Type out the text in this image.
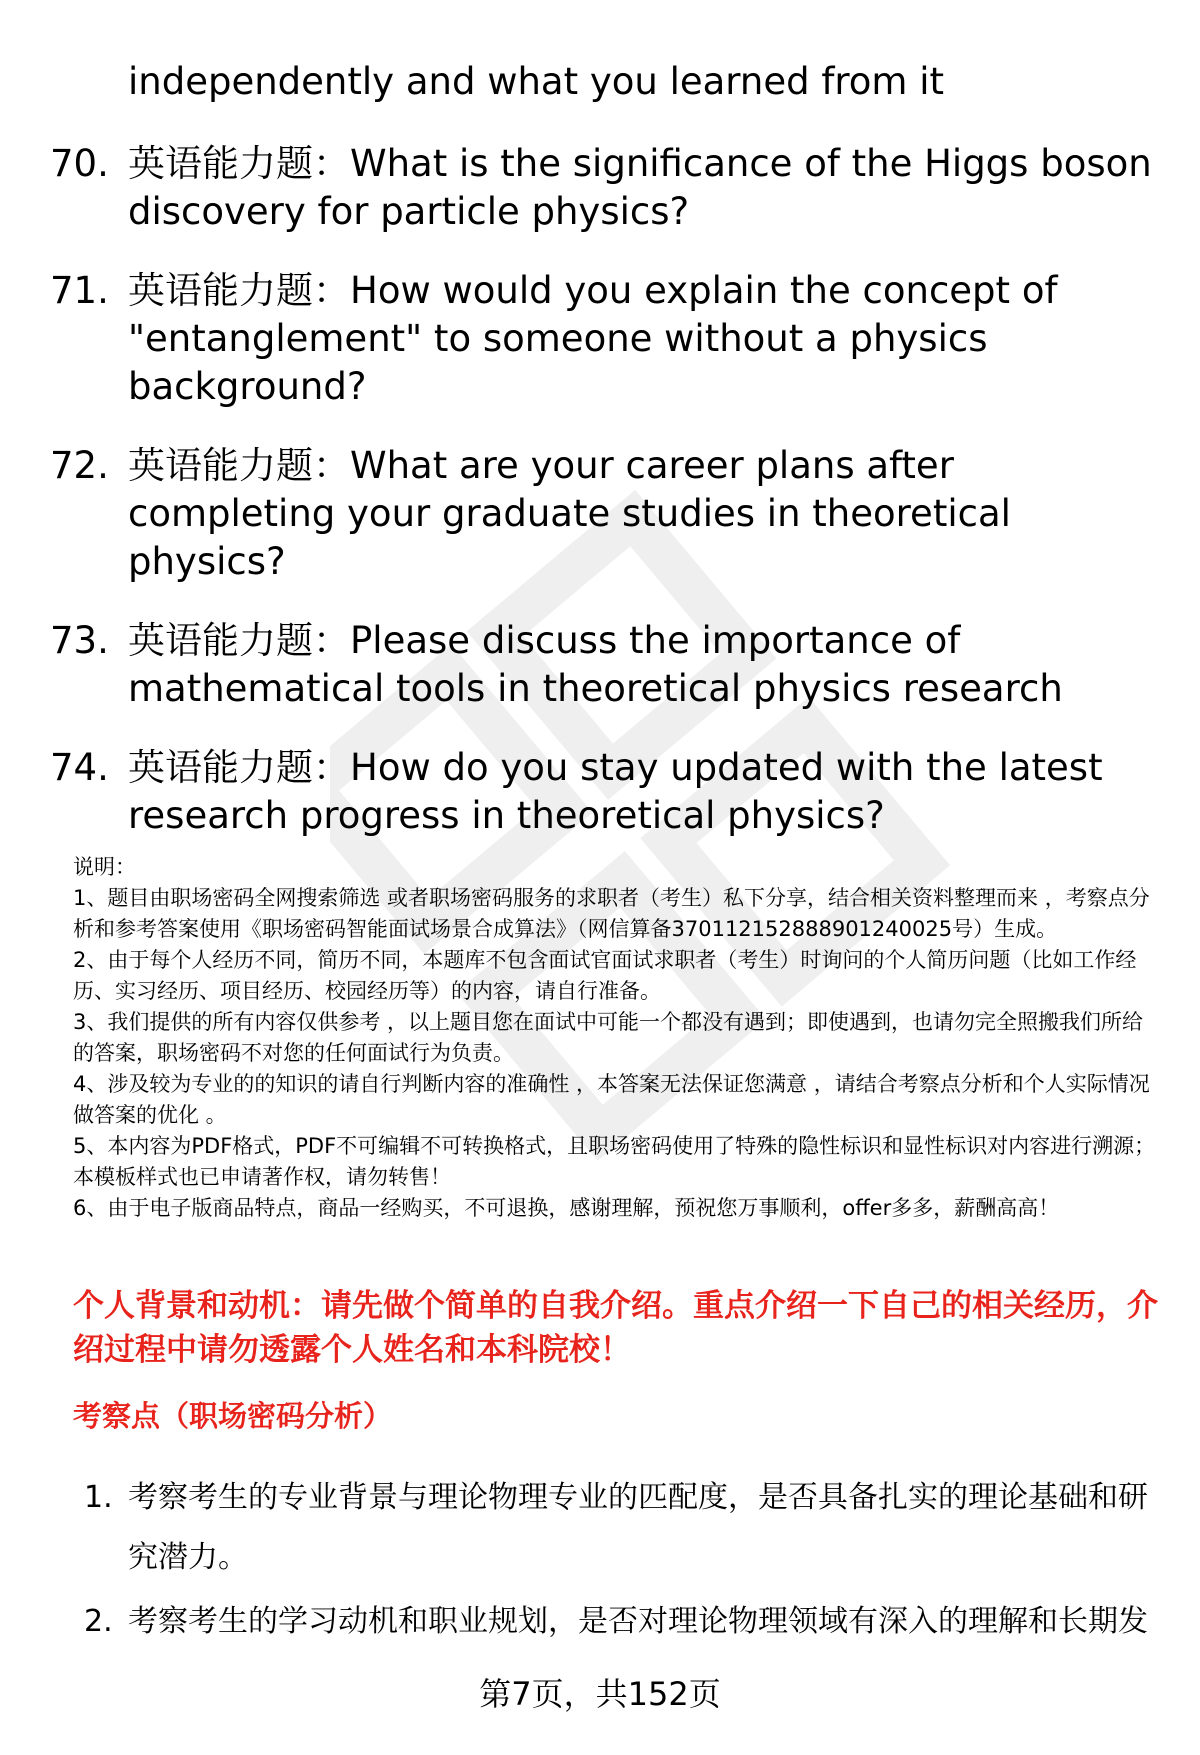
independently and what you learned from it
70. 英语能力题：What is the significance of the Higgs boson discovery for particle physics?
71. 英语能力题：How would you explain the concept of "entanglement" to someone without a physics background?
72. 英语能力题：What are your career plans after completing your graduate studies in theoretical physics?
73. 英语能力题：Please discuss the importance of mathematical tools in theoretical physics research
74. 英语能力题：How do you stay updated with the latest research progress in theoretical physics?

说明：

1、题目由职场密码全网搜索筛选 或者职场密码服务的求职者（考生）私下分享，结合相关资料整理而来 ，考察点分析和参考答案使用《职场密码智能面试场景合成算法》（网信算备370112152888901240025号）生成。

2、由于每个人经历不同，简历不同，本题库不包含面试官面试求职者（考生）时询问的个人简历问题（比如工作经历、实习经历、项目经历、校园经历等）的内容，请自行准备。

3、我们提供的所有内容仅供参考 ，以上题目您在面试中可能一个都没有遇到；即使遇到，也请勿完全照搬我们所给的答案，职场密码不对您的任何面试行为负责。

4、涉及较为专业的的知识的请自行判断内容的准确性 ，本答案无法保证您满意 ，请结合考察点分析和个人实际情况做答案的优化 。

5、本内容为PDF格式，PDF不可编辑不可转换格式，且职场密码使用了特殊的隐性标识和显性标识对内容进行溯源；本模板样式也已申请著作权，请勿转售！

6、由于电子版商品特点，商品一经购买，不可退换，感谢理解，预祝您万事顺利，offer多多，薪酬高高！

个人背景和动机：请先做个简单的自我介绍。重点介绍一下自己的相关经历，介绍过程中请勿透露个人姓名和本科院校！
考察点（职场密码分析）
1. 考察考生的专业背景与理论物理专业的匹配度，是否具备扎实的理论基础和研究潜力。
2. 考察考生的学习动机和职业规划，是否对理论物理领域有深入的理解和长期发
第7页，共152页
